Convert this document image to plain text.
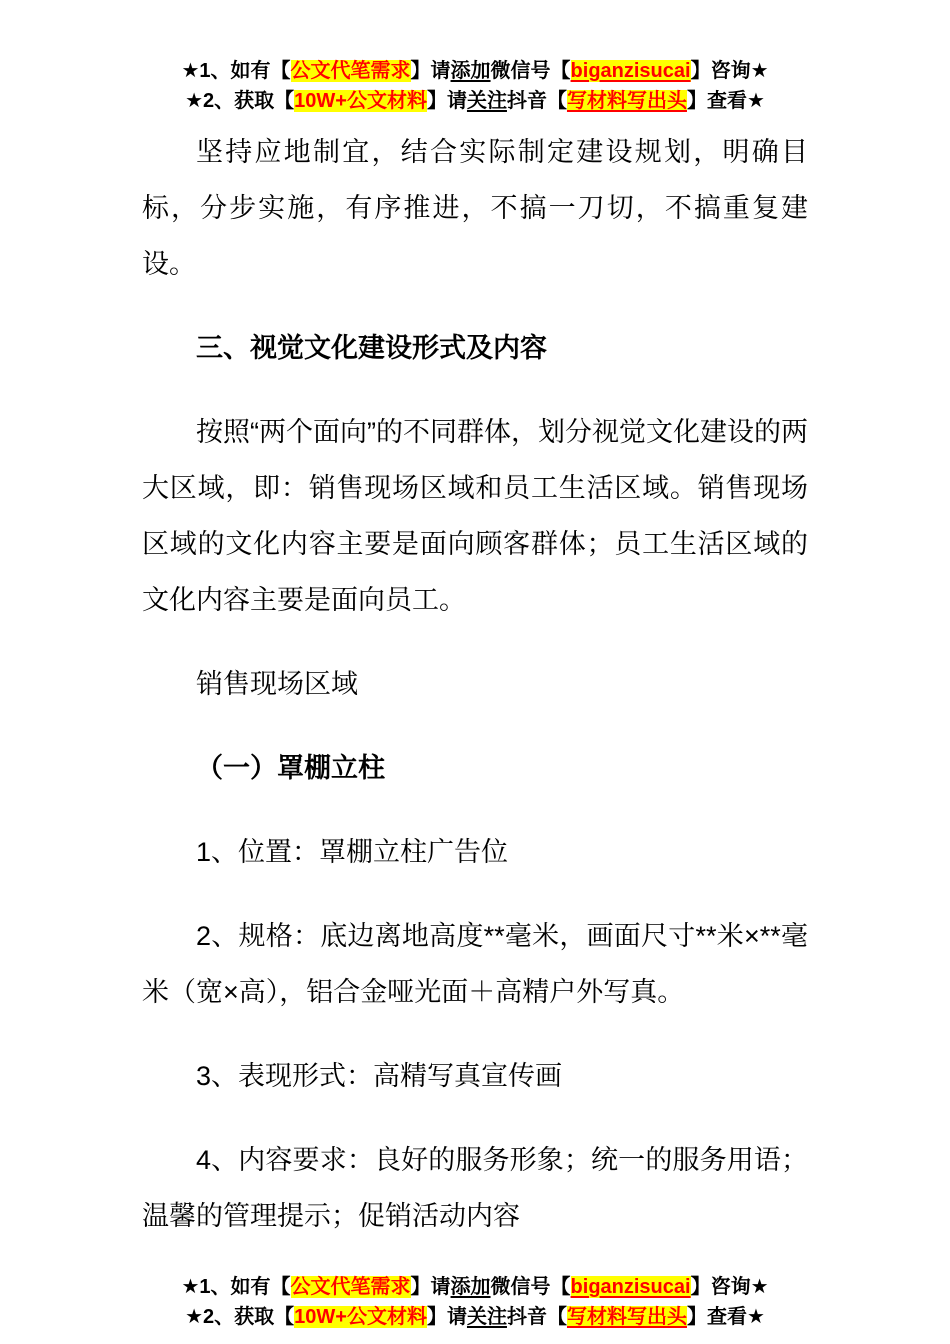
★1、如有【公文代笔需求】请添加微信号【biganzisucai】咨询★
★2、获取【10W+公文材料】请关注抖音【写材料写出头】查看★

坚持应地制宜，结合实际制定建设规划，明确目标，分步实施，有序推进，不搞一刀切，不搞重复建设。

三、视觉文化建设形式及内容

按照“两个面向”的不同群体，划分视觉文化建设的两大区域，即：销售现场区域和员工生活区域。销售现场区域的文化内容主要是面向顾客群体；员工生活区域的文化内容主要是面向员工。

销售现场区域

（一）罩棚立柱

1、位置：罩棚立柱广告位

2、规格：底边离地高度**毫米，画面尺寸**米×**毫米（宽×高），铝合金哑光面＋高精户外写真。

3、表现形式：高精写真宣传画

4、内容要求：良好的服务形象；统一的服务用语；温馨的管理提示；促销活动内容

★1、如有【公文代笔需求】请添加微信号【biganzisucai】咨询★
★2、获取【10W+公文材料】请关注抖音【写材料写出头】查看★
